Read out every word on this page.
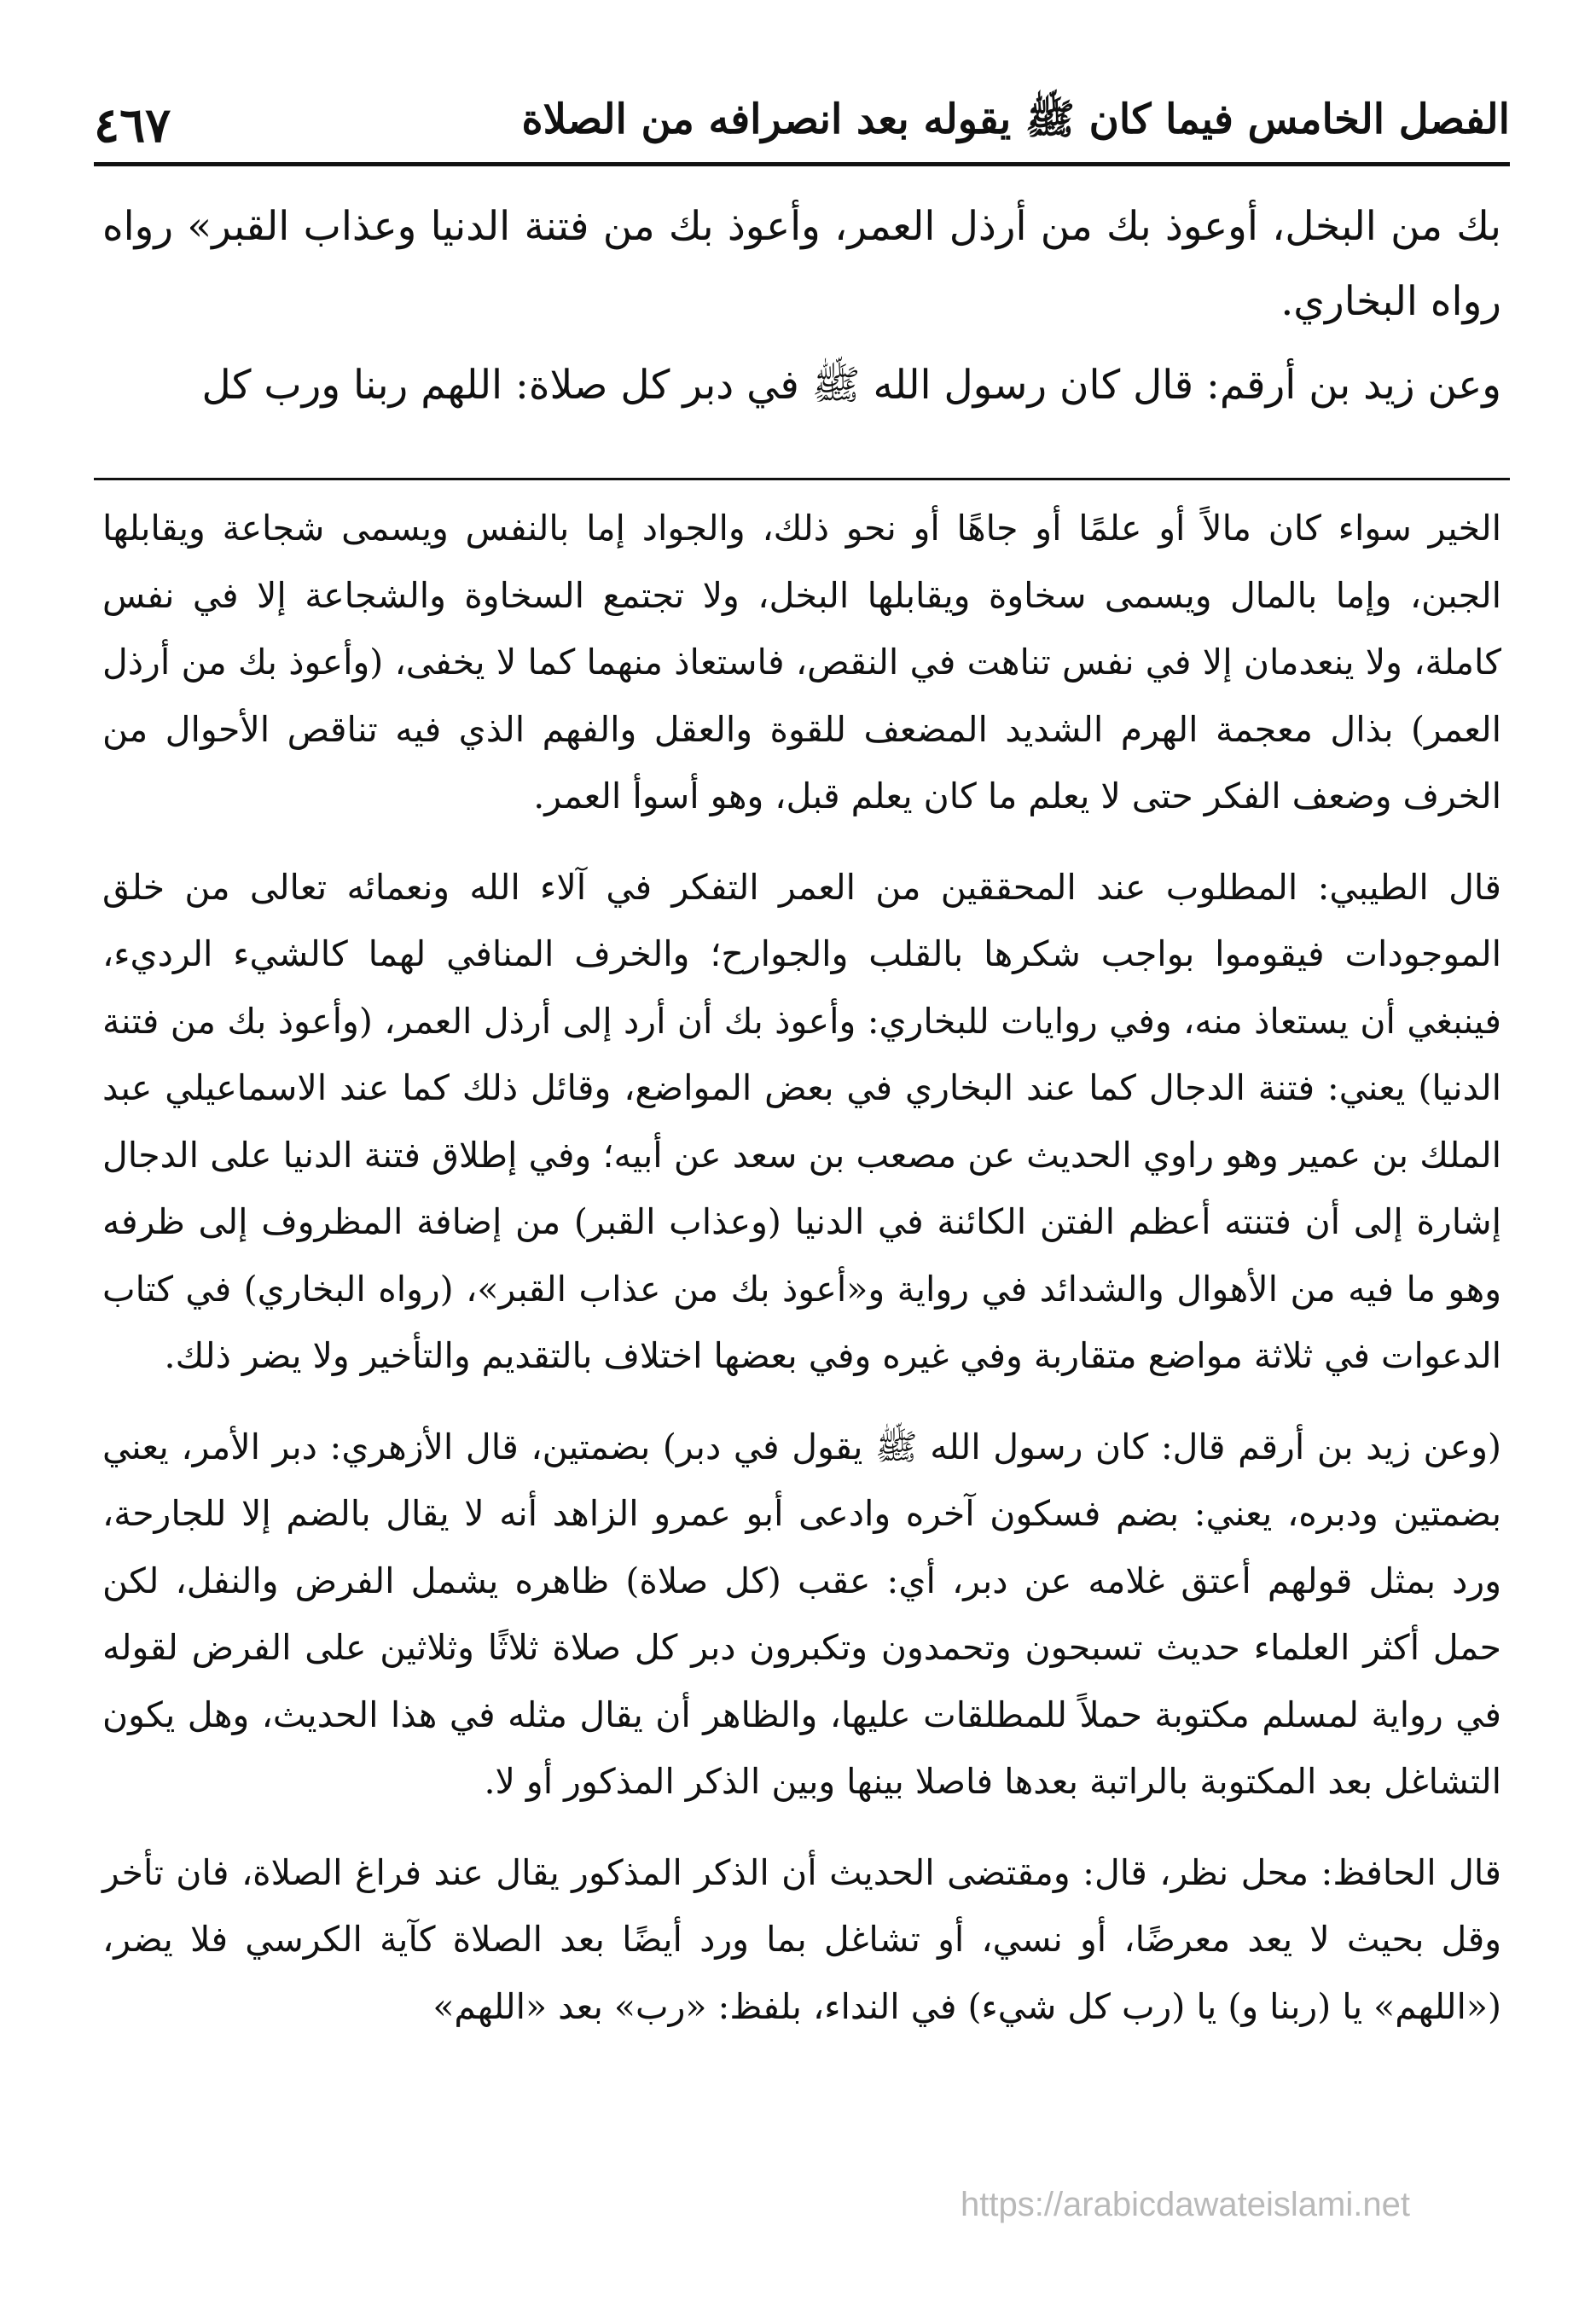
الفصل الخامس فيما كان ﷺ يقوله بعد انصرافه من الصلاة
٤٦٧

بك من البخل، أوعوذ بك من أرذل العمر، وأعوذ بك من فتنة الدنيا وعذاب القبر» رواه رواه البخاري.

وعن زيد بن أرقم: قال كان رسول الله ﷺ في دبر كل صلاة: اللهم ربنا ورب كل

الخير سواء كان مالاً أو علمًا أو جاهًا أو نحو ذلك، والجواد إما بالنفس ويسمى شجاعة ويقابلها الجبن، وإما بالمال ويسمى سخاوة ويقابلها البخل، ولا تجتمع السخاوة والشجاعة إلا في نفس كاملة، ولا ينعدمان إلا في نفس تناهت في النقص، فاستعاذ منهما كما لا يخفى، (وأعوذ بك من أرذل العمر) بذال معجمة الهرم الشديد المضعف للقوة والعقل والفهم الذي فيه تناقص الأحوال من الخرف وضعف الفكر حتى لا يعلم ما كان يعلم قبل، وهو أسوأ العمر.

قال الطيبي: المطلوب عند المحققين من العمر التفكر في آلاء الله ونعمائه تعالى من خلق الموجودات فيقوموا بواجب شكرها بالقلب والجوارح؛ والخرف المنافي لهما كالشيء الرديء، فينبغي أن يستعاذ منه، وفي روايات للبخاري: وأعوذ بك أن أرد إلى أرذل العمر، (وأعوذ بك من فتنة الدنيا) يعني: فتنة الدجال كما عند البخاري في بعض المواضع، وقائل ذلك كما عند الاسماعيلي عبد الملك بن عمير وهو راوي الحديث عن مصعب بن سعد عن أبيه؛ وفي إطلاق فتنة الدنيا على الدجال إشارة إلى أن فتنته أعظم الفتن الكائنة في الدنيا (وعذاب القبر) من إضافة المظروف إلى ظرفه وهو ما فيه من الأهوال والشدائد في رواية و«أعوذ بك من عذاب القبر»، (رواه البخاري) في كتاب الدعوات في ثلاثة مواضع متقاربة وفي غيره وفي بعضها اختلاف بالتقديم والتأخير ولا يضر ذلك.

(وعن زيد بن أرقم قال: كان رسول الله ﷺ يقول في دبر) بضمتين، قال الأزهري: دبر الأمر، يعني بضمتين ودبره، يعني: بضم فسكون آخره وادعى أبو عمرو الزاهد أنه لا يقال بالضم إلا للجارحة، ورد بمثل قولهم أعتق غلامه عن دبر، أي: عقب (كل صلاة) ظاهره يشمل الفرض والنفل، لكن حمل أكثر العلماء حديث تسبحون وتحمدون وتكبرون دبر كل صلاة ثلاثًا وثلاثين على الفرض لقوله في رواية لمسلم مكتوبة حملاً للمطلقات عليها، والظاهر أن يقال مثله في هذا الحديث، وهل يكون التشاغل بعد المكتوبة بالراتبة بعدها فاصلا بينها وبين الذكر المذكور أو لا.

قال الحافظ: محل نظر، قال: ومقتضى الحديث أن الذكر المذكور يقال عند فراغ الصلاة، فان تأخر وقل بحيث لا يعد معرضًا، أو نسي، أو تشاغل بما ورد أيضًا بعد الصلاة كآية الكرسي فلا يضر، («اللهم» يا (ربنا و) يا (رب كل شيء) في النداء، بلفظ: «رب» بعد «اللهم»

https://arabicdawateislami.net
